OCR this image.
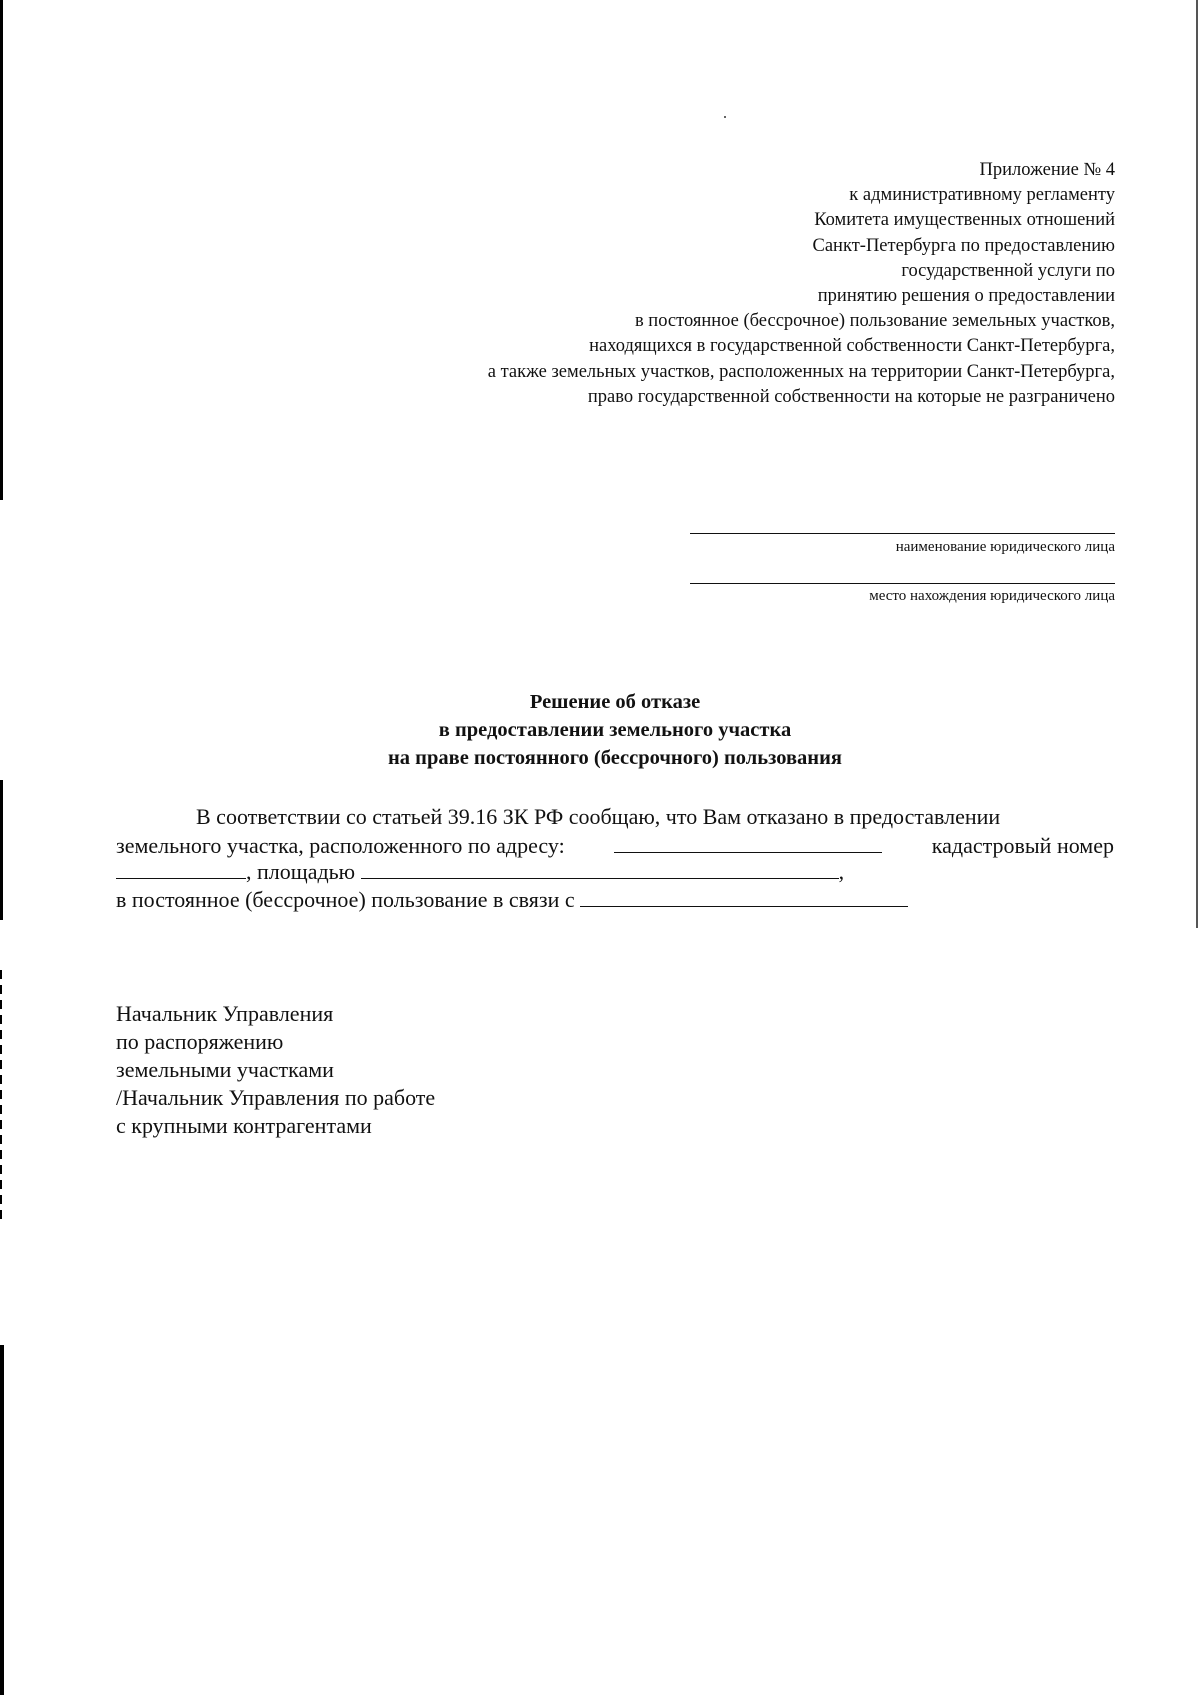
Приложение № 4
к административному регламенту
Комитета имущественных отношений
Санкт-Петербурга по предоставлению
государственной услуги по
принятию решения о предоставлении
в постоянное (бессрочное) пользование земельных участков,
находящихся в государственной собственности Санкт-Петербурга,
а также земельных участков, расположенных на территории Санкт-Петербурга,
право государственной собственности на которые не разграничено
наименование юридического лица
место нахождения юридического лица
Решение об отказе
в предоставлении земельного участка
на праве постоянного (бессрочного) пользования
В соответствии со статьей 39.16 ЗК РФ сообщаю, что Вам отказано в предоставлении
земельного участка, расположенного по адресу:	кадастровый номер
, площадью	,
в постоянное (бессрочное) пользование в связи с
Начальник Управления
по распоряжению
земельными участками
/Начальник Управления по работе
с крупными контрагентами
